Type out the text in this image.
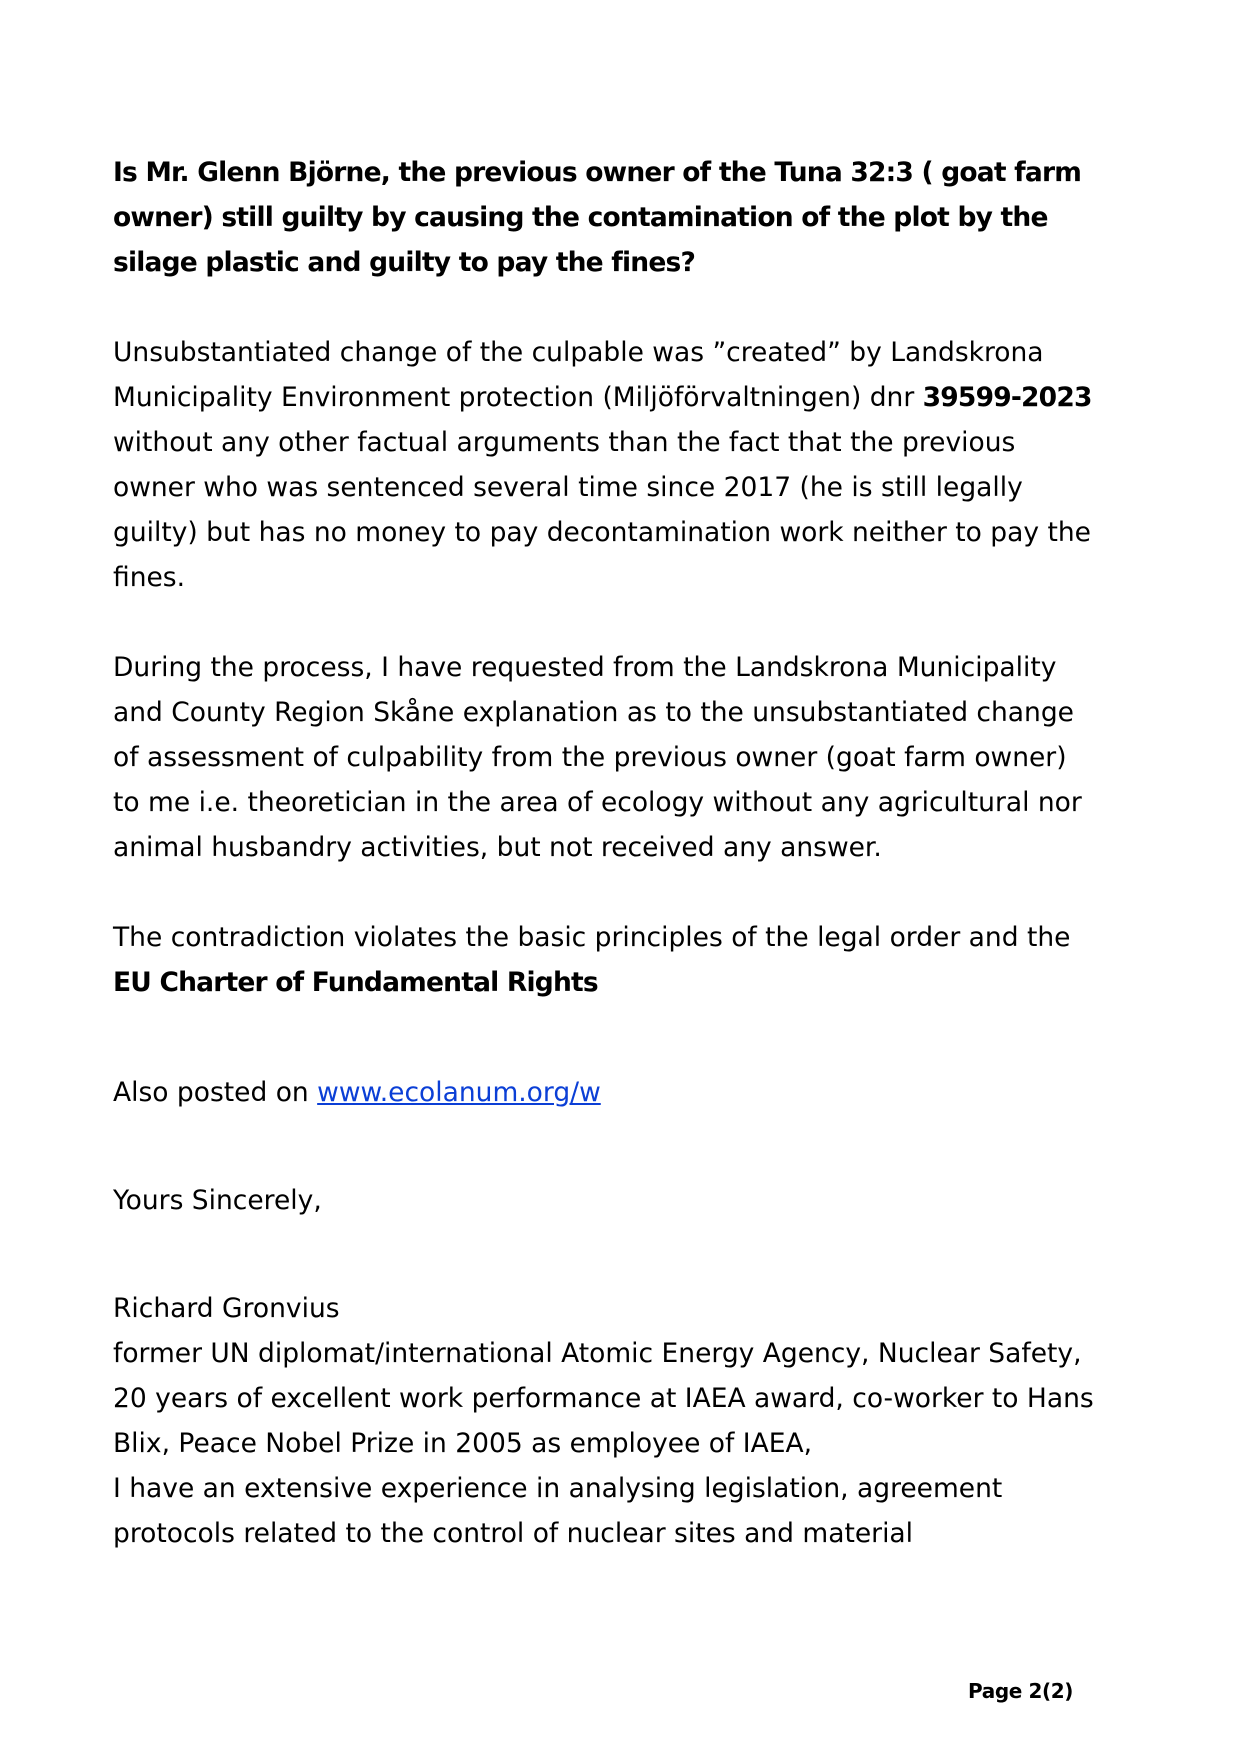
Is Mr. Glenn Björne, the previous owner of the Tuna 32:3 ( goat farm owner) still guilty by causing the contamination of the plot by the silage plastic and guilty to pay the fines?

Unsubstantiated change of the culpable was ”created” by Landskrona Municipality Environment protection (Miljöförvaltningen) dnr 39599-2023 without any other factual arguments than the fact that the previous owner who was sentenced several time since 2017 (he is still legally guilty) but has no money to pay decontamination work neither to pay the fines.

During the process, I have requested from the Landskrona Municipality and County Region Skåne explanation as to the unsubstantiated change of assessment of culpability from the previous owner (goat farm owner) to me i.e. theoretician in the area of ecology without any agricultural nor animal husbandry activities, but not received any answer.

The contradiction violates the basic principles of the legal order and the EU Charter of Fundamental Rights

Also posted on www.ecolanum.org/w

Yours Sincerely,

Richard Gronvius

former UN diplomat/international Atomic Energy Agency, Nuclear Safety, 20 years of excellent work performance at IAEA award, co-worker to Hans Blix, Peace Nobel Prize in 2005 as employee of IAEA,

I have an extensive experience in analysing legislation, agreement protocols related to the control of nuclear sites and material

Page 2(2)
